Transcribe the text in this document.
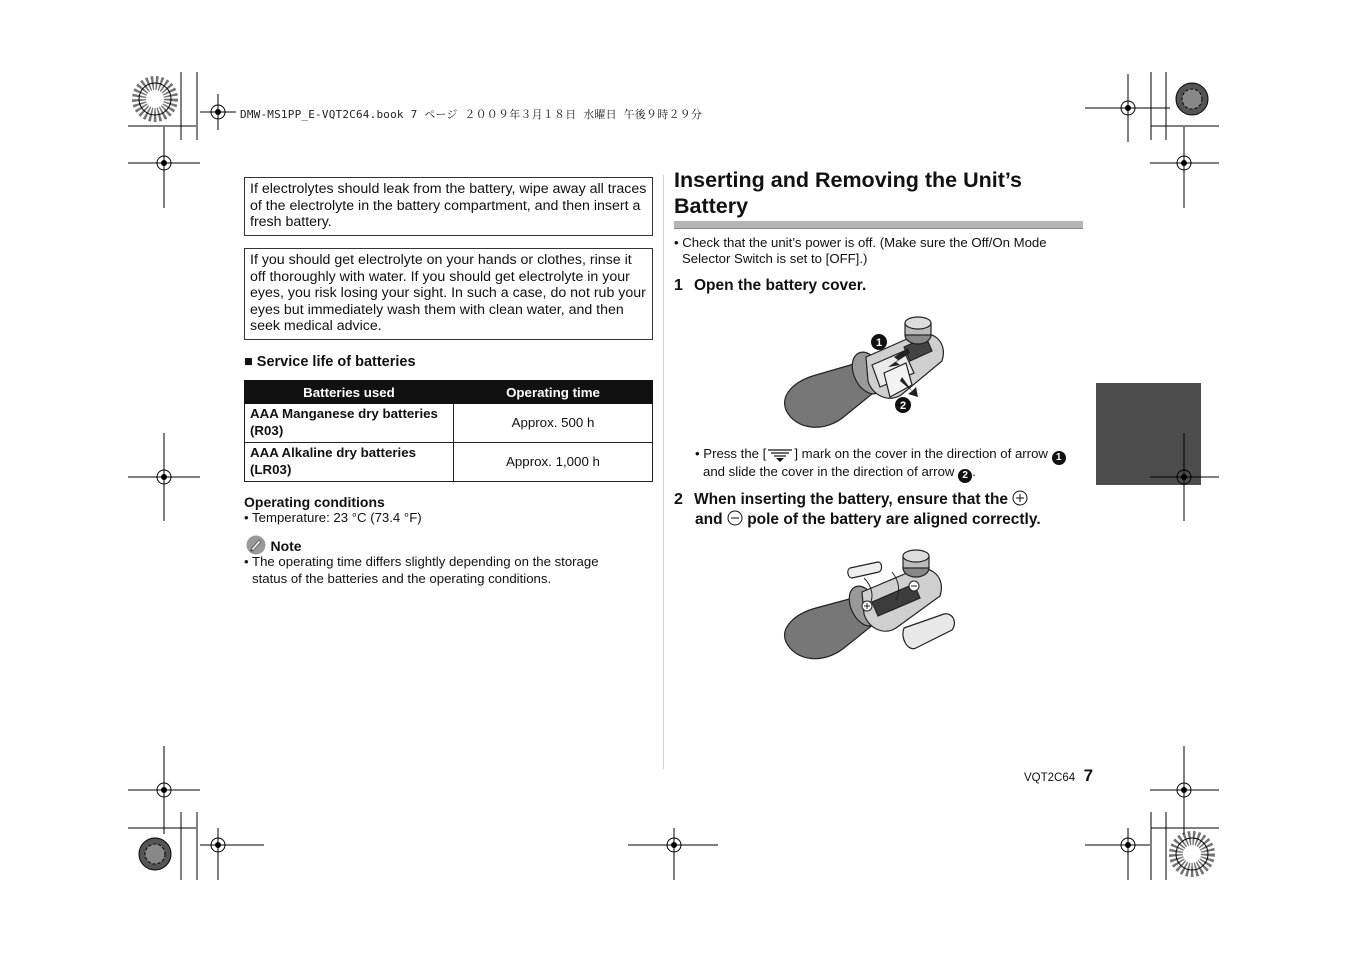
DMW-MS1PP_E-VQT2C64.book 7 ページ ２００９年３月１８日 水曜日 午後９時２９分
If electrolytes should leak from the battery, wipe away all traces of the electrolyte in the battery compartment, and then insert a fresh battery.
If you should get electrolyte on your hands or clothes, rinse it off thoroughly with water. If you should get electrolyte in your eyes, you risk losing your sight. In such a case, do not rub your eyes but immediately wash them with clean water, and then seek medical advice.
■ Service life of batteries
Batteries used	Operating time
AAA Manganese dry batteries
(R03)	Approx. 500 h
AAA Alkaline dry batteries
(LR03)	Approx. 1,000 h
Operating conditions
• Temperature: 23 °C (73.4 °F)
Note
• The operating time differs slightly depending on the storage
status of the batteries and the operating conditions.
Inserting and Removing the Unit’s
Battery
• Check that the unit’s power is off. (Make sure the Off/On Mode
Selector Switch is set to [OFF].)
1 Open the battery cover.
1
2
• Press the [ ] mark on the cover in the direction of arrow 1
and slide the cover in the direction of arrow 2 .
2 When inserting the battery, ensure that the
and pole of the battery are aligned correctly.
VQT2C64 7
